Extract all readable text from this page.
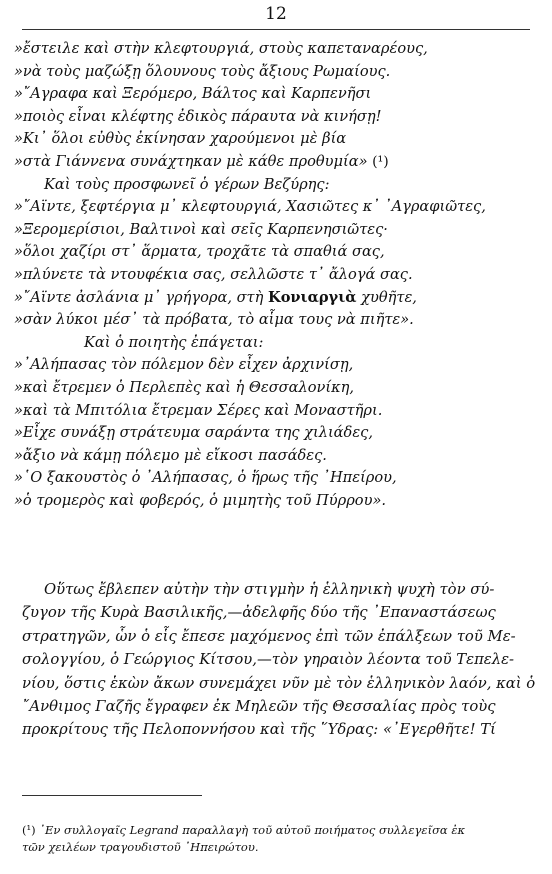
12
»ἔστειλε καὶ στὴν κλεφτουργιά, στοὺς καπεταναρέους,
»νὰ τοὺς μαζώξῃ ὅλουνους τοὺς ἄξιους Ρωμαίους.
»῎Αγραφα καὶ Ξερόμερο, Βάλτος καὶ Καρπενῆσι
»ποιὸς εἶναι κλέφτης ἐδικὸς πάραυτα νὰ κινήσῃ!
»Κι᾿ ὅλοι εὐθὺς ἐκίνησαν χαρούμενοι μὲ βία
»στὰ Γιάννενα συνάχτηκαν μὲ κάθε προθυμία» (¹)
Καὶ τοὺς προσφωνεῖ ὁ γέρων Βεζύρης:
»῎Αϊντε, ξεφτέργια μ᾿ κλεφτουργιά, Χασιῶτες κ᾿ ᾿Αγραφιῶτες,
»Ξερομερίσιοι, Βαλτινοὶ καὶ σεῖς Καρπενησιῶτες·
»ὅλοι χαζίρι στ᾿ ἅρματα, τροχᾶτε τὰ σπαθιά σας,
»πλύνετε τὰ ντουφέκια σας, σελλῶστε τ᾿ ἄλογά σας.
»῎Αϊντε ἀσλάνια μ᾿ γρήγορα, στὴ Κονιαργιὰ χυθῆτε,
»σὰν λύκοι μέσ᾿ τὰ πρόβατα, τὸ αἷμα τους νὰ πιῆτε».
Καὶ ὁ ποιητὴς ἐπάγεται:
»᾿Αλήπασας τὸν πόλεμον δὲν εἶχεν ἀρχινίσῃ,
»καὶ ἔτρεμεν ὁ Περλεπὲς καὶ ἡ Θεσσαλονίκη,
»καὶ τὰ Μπιτόλια ἔτρεμαν Σέρες καὶ Μοναστῆρι.
»Εἶχε συνάξῃ στράτευμα σαράντα της χιλιάδες,
»ἄξιο νὰ κάμῃ πόλεμο μὲ εἴκοσι πασάδες.
»῾Ο ξακουστὸς ὁ ᾿Αλήπασας, ὁ ἥρως τῆς ᾿Ηπείρου,
»ὁ τρομερὸς καὶ φοβερός, ὁ μιμητὴς τοῦ Πύρρου».
Οὕτως ἔβλεπεν αὐτὴν τὴν στιγμὴν ἡ ἑλληνικὴ ψυχὴ τὸν σύ-
ζυγον τῆς Κυρὰ Βασιλικῆς,—ἀδελφῆς δύο τῆς ᾿Επαναστάσεως
στρατηγῶν, ὧν ὁ εἷς ἔπεσε μαχόμενος ἐπὶ τῶν ἐπάλξεων τοῦ Με-
σολογγίου, ὁ Γεώργιος Κίτσου,—τὸν γηραιὸν λέοντα τοῦ Τεπελε-
νίου, ὅστις ἑκὼν ἄκων συνεμάχει νῦν μὲ τὸν ἑλληνικὸν λαόν, καὶ ὁ
῎Ανθιμος Γαζῆς ἔγραφεν ἐκ Μηλεῶν τῆς Θεσσαλίας πρὸς τοὺς
προκρίτους τῆς Πελοποννήσου καὶ τῆς ῞Υδρας: «᾿Εγερθῆτε! Τί
(¹) ᾿Εν συλλογαῖς Legrand παραλλαγὴ τοῦ αὐτοῦ ποιήματος συλλεγεῖσα ἐκ
τῶν χειλέων τραγουδιστοῦ ᾿Ηπειρώτου.
